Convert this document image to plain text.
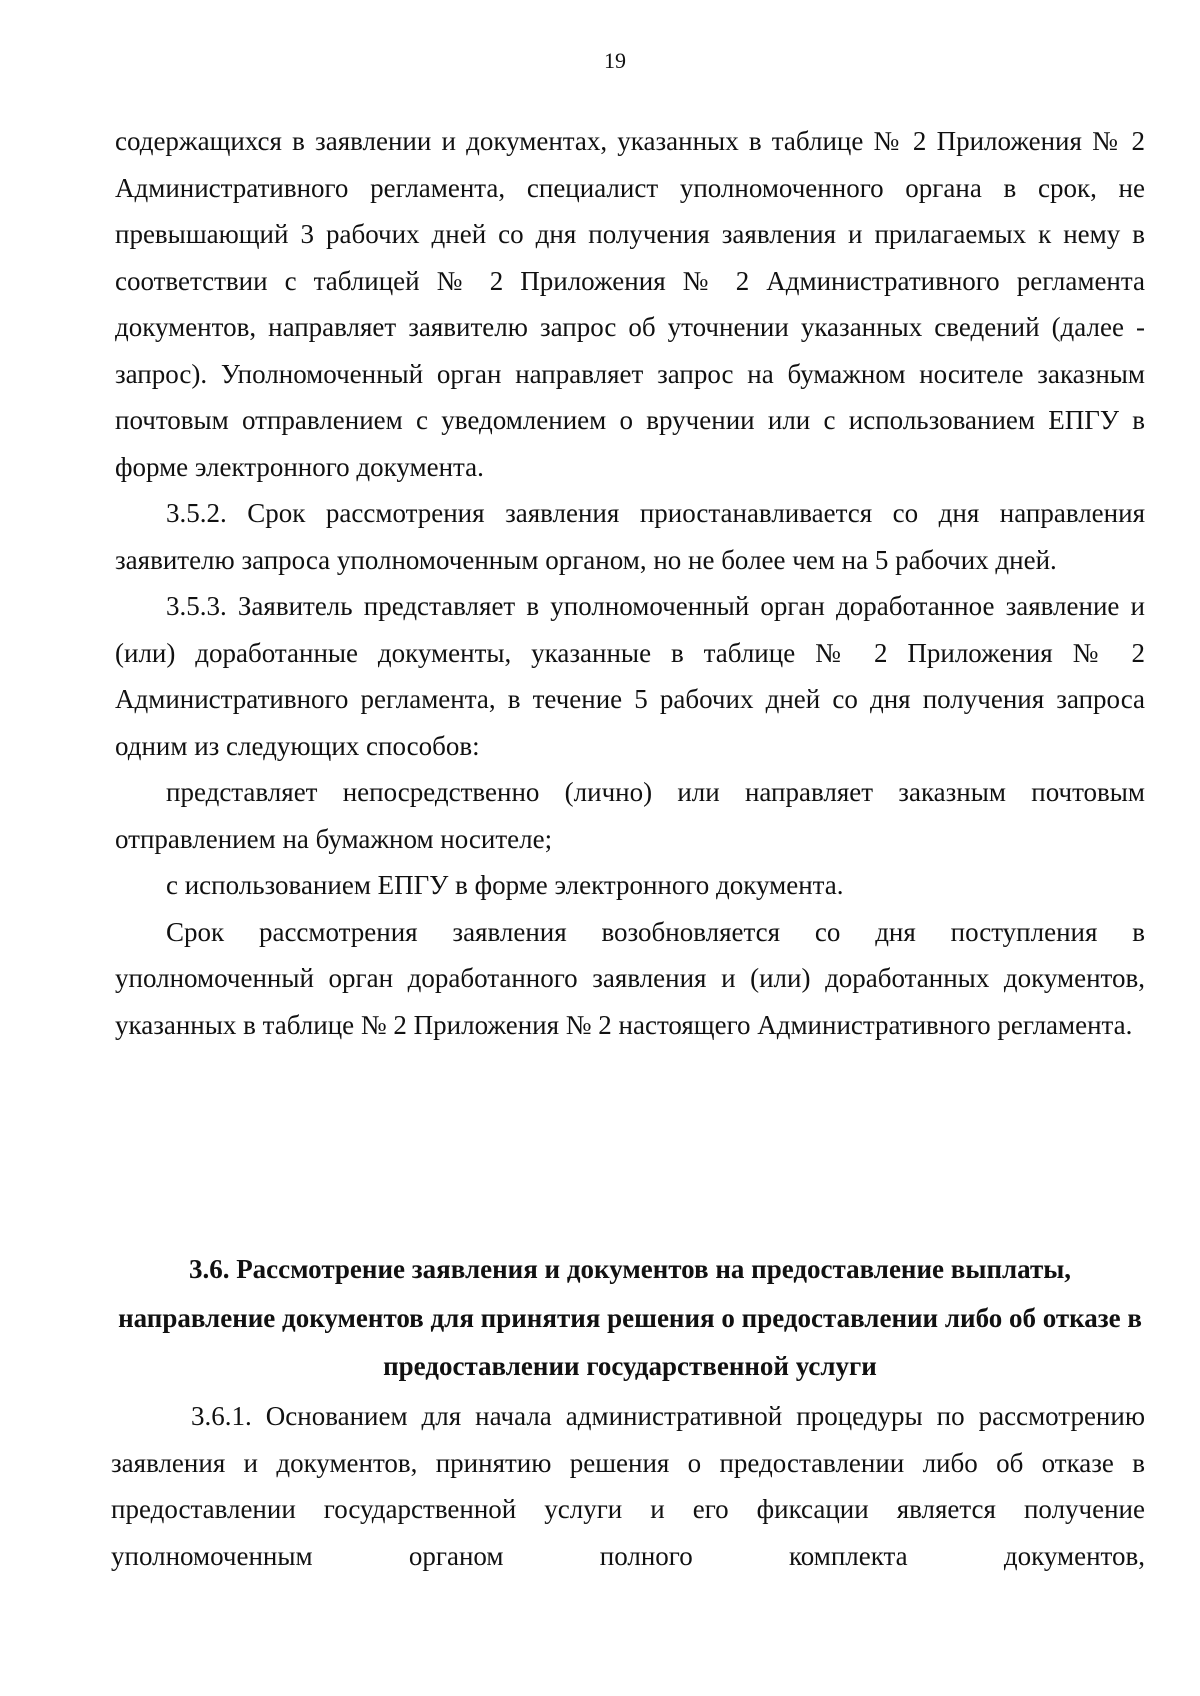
19

содержащихся в заявлении и документах, указанных в таблице № 2 Приложения № 2 Административного регламента, специалист уполномоченного органа в срок, не превышающий 3 рабочих дней со дня получения заявления и прилагаемых к нему в соответствии с таблицей № 2 Приложения № 2 Административного регламента документов, направляет заявителю запрос об уточнении указанных сведений (далее - запрос). Уполномоченный орган направляет запрос на бумажном носителе заказным почтовым отправлением с уведомлением о вручении или с использованием ЕПГУ в форме электронного документа.

3.5.2. Срок рассмотрения заявления приостанавливается со дня направления заявителю запроса уполномоченным органом, но не более чем на 5 рабочих дней.

3.5.3. Заявитель представляет в уполномоченный орган доработанное заявление и (или) доработанные документы, указанные в таблице № 2 Приложения № 2 Административного регламента, в течение 5 рабочих дней со дня получения запроса одним из следующих способов:

представляет непосредственно (лично) или направляет заказным почтовым отправлением на бумажном носителе;

с использованием ЕПГУ в форме электронного документа.

Срок рассмотрения заявления возобновляется со дня поступления в уполномоченный орган доработанного заявления и (или) доработанных документов, указанных в таблице № 2 Приложения № 2 настоящего Административного регламента.

3.6. Рассмотрение заявления и документов на предоставление выплаты, направление документов для принятия решения о предоставлении либо об отказе в предоставлении государственной услуги

3.6.1. Основанием для начала административной процедуры по рассмотрению заявления и документов, принятию решения о предоставлении либо об отказе в предоставлении государственной услуги и его фиксации является получение уполномоченным органом полного комплекта документов,
